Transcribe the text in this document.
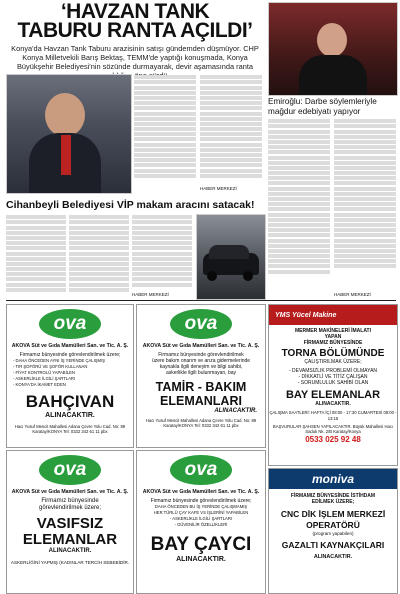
‘HAVZAN TANK
TABURU RANTA AÇILDI’
Konya'da Havzan Tank Taburu arazisinin satışı gündemden düşmüyor. CHP Konya Milletvekili Barış Bektaş, TEMM'de yaptığı konuşmada, Konya Büyükşehir Belediyesi'nin sözünde durmayarak, devir aşamasında ranta
HABER MERKEZİ
Emiroğlu: Darbe söylemleriyle mağdur edebiyatı yapıyor
HABER MERKEZİ
Cihanbeyli Belediyesi VİP makam aracını satacak!
HABER MERKEZİ
ova
AKOVA Süt ve Gıda Mamülleri San. ve Tic. A. Ş.
Firmamız bünyesinde görevlendirilmek üzere;
- DAHA ÖNCEDEN AYNI İŞ YERİNDE ÇALIŞMIŞ
- TIR ŞOFÖRÜ VE ŞOFÖR KULLANAN
- FİYAT KONTROLÜ YAPABİLEN
- ASKERLİKLE İLGİLİ ŞARTLARI
- KONYA'DA İKAMET EDEN
BAHÇIVAN
ALINACAKTIR.
Hacı Yusuf Mescit Mahallesi Adana Çevre Yolu Cad. No: 89 Karatay/KONYA Tel: 0332 342 61 11 pbx
ova
AKOVA Süt ve Gıda Mamülleri San. ve Tic. A. Ş.
Firmamız bünyesinde görevlendirilmek
üzere bakım onarım ve arıza gidermelerinde
kaynakla ilgili deneyim ve bilgi sahibi,
askerlikle ilgili bulunmayan, bay
TAMİR - BAKIM ELEMANLARI
ALINACAKTIR.
Hacı Yusuf Mescit Mahallesi Adana Çevre Yolu Cad. No: 89 Karatay/KONYA Tel: 0332 342 61 11 pbx
ova
AKOVA Süt ve Gıda Mamülleri San. ve Tic. A. Ş.
Firmamız bünyesinde
görevlendirilmek üzere;
VASIFSIZ ELEMANLAR
ALINACAKTIR.
ASKERLİĞİNİ YAPMIŞ (KADINLAR TERCİH SEBEBİDİR.
ova
AKOVA Süt ve Gıda Mamülleri San. ve Tic. A. Ş.
Firmamız bünyesinde görevlendirilmek üzere;
DAHA ÖNCEDEN BU İŞ YERİNDE ÇALIŞMAMIŞ
HER TÜRLÜ ÇAY KAFE VS İŞLERİNİ YAPABİLEN
- ASKERLİKLE İLGİLİ ŞARTLARI
- GÜVENİLİR ÖZELLİKLERİ
BAY ÇAYCI
ALINACAKTIR.
YMS Yücel Makine
MERMER MAKİNELERİ İMALATI
YAPAN
FİRMAMIZ BÜNYESİNDE
TORNA BÖLÜMÜNDE
ÇALIŞTIRILMAK ÜZERE;
- DEVAMSIZLIK PROBLEMİ OLMAYAN
- DİKKATLİ VE TİTİZ ÇALIŞAN
- SORUMLULUK SAHİBİ OLAN
BAY ELEMANLAR
ALINACAKTIR.
ÇALIŞMA SAATLERİ: HAFTA İÇİ 08:00 - 17:30 CUMARTESİ 08:00 - 13:15
BAŞVURULAR ŞAHSEN YAPILACAKTIR. Büyük Mahallesi Hacı Saduk Nk. 2/B Karatay/Konya
0533 025 92 48
moniva
FİRMAMIZ BÜNYESİNDE İSTİHDAM
EDİLMEK ÜZERE;
CNC DİK İŞLEM MERKEZİ OPERATÖRÜ
(program yapabilen)
GAZALTI KAYNAKÇILARI
ALINACAKTIR.
